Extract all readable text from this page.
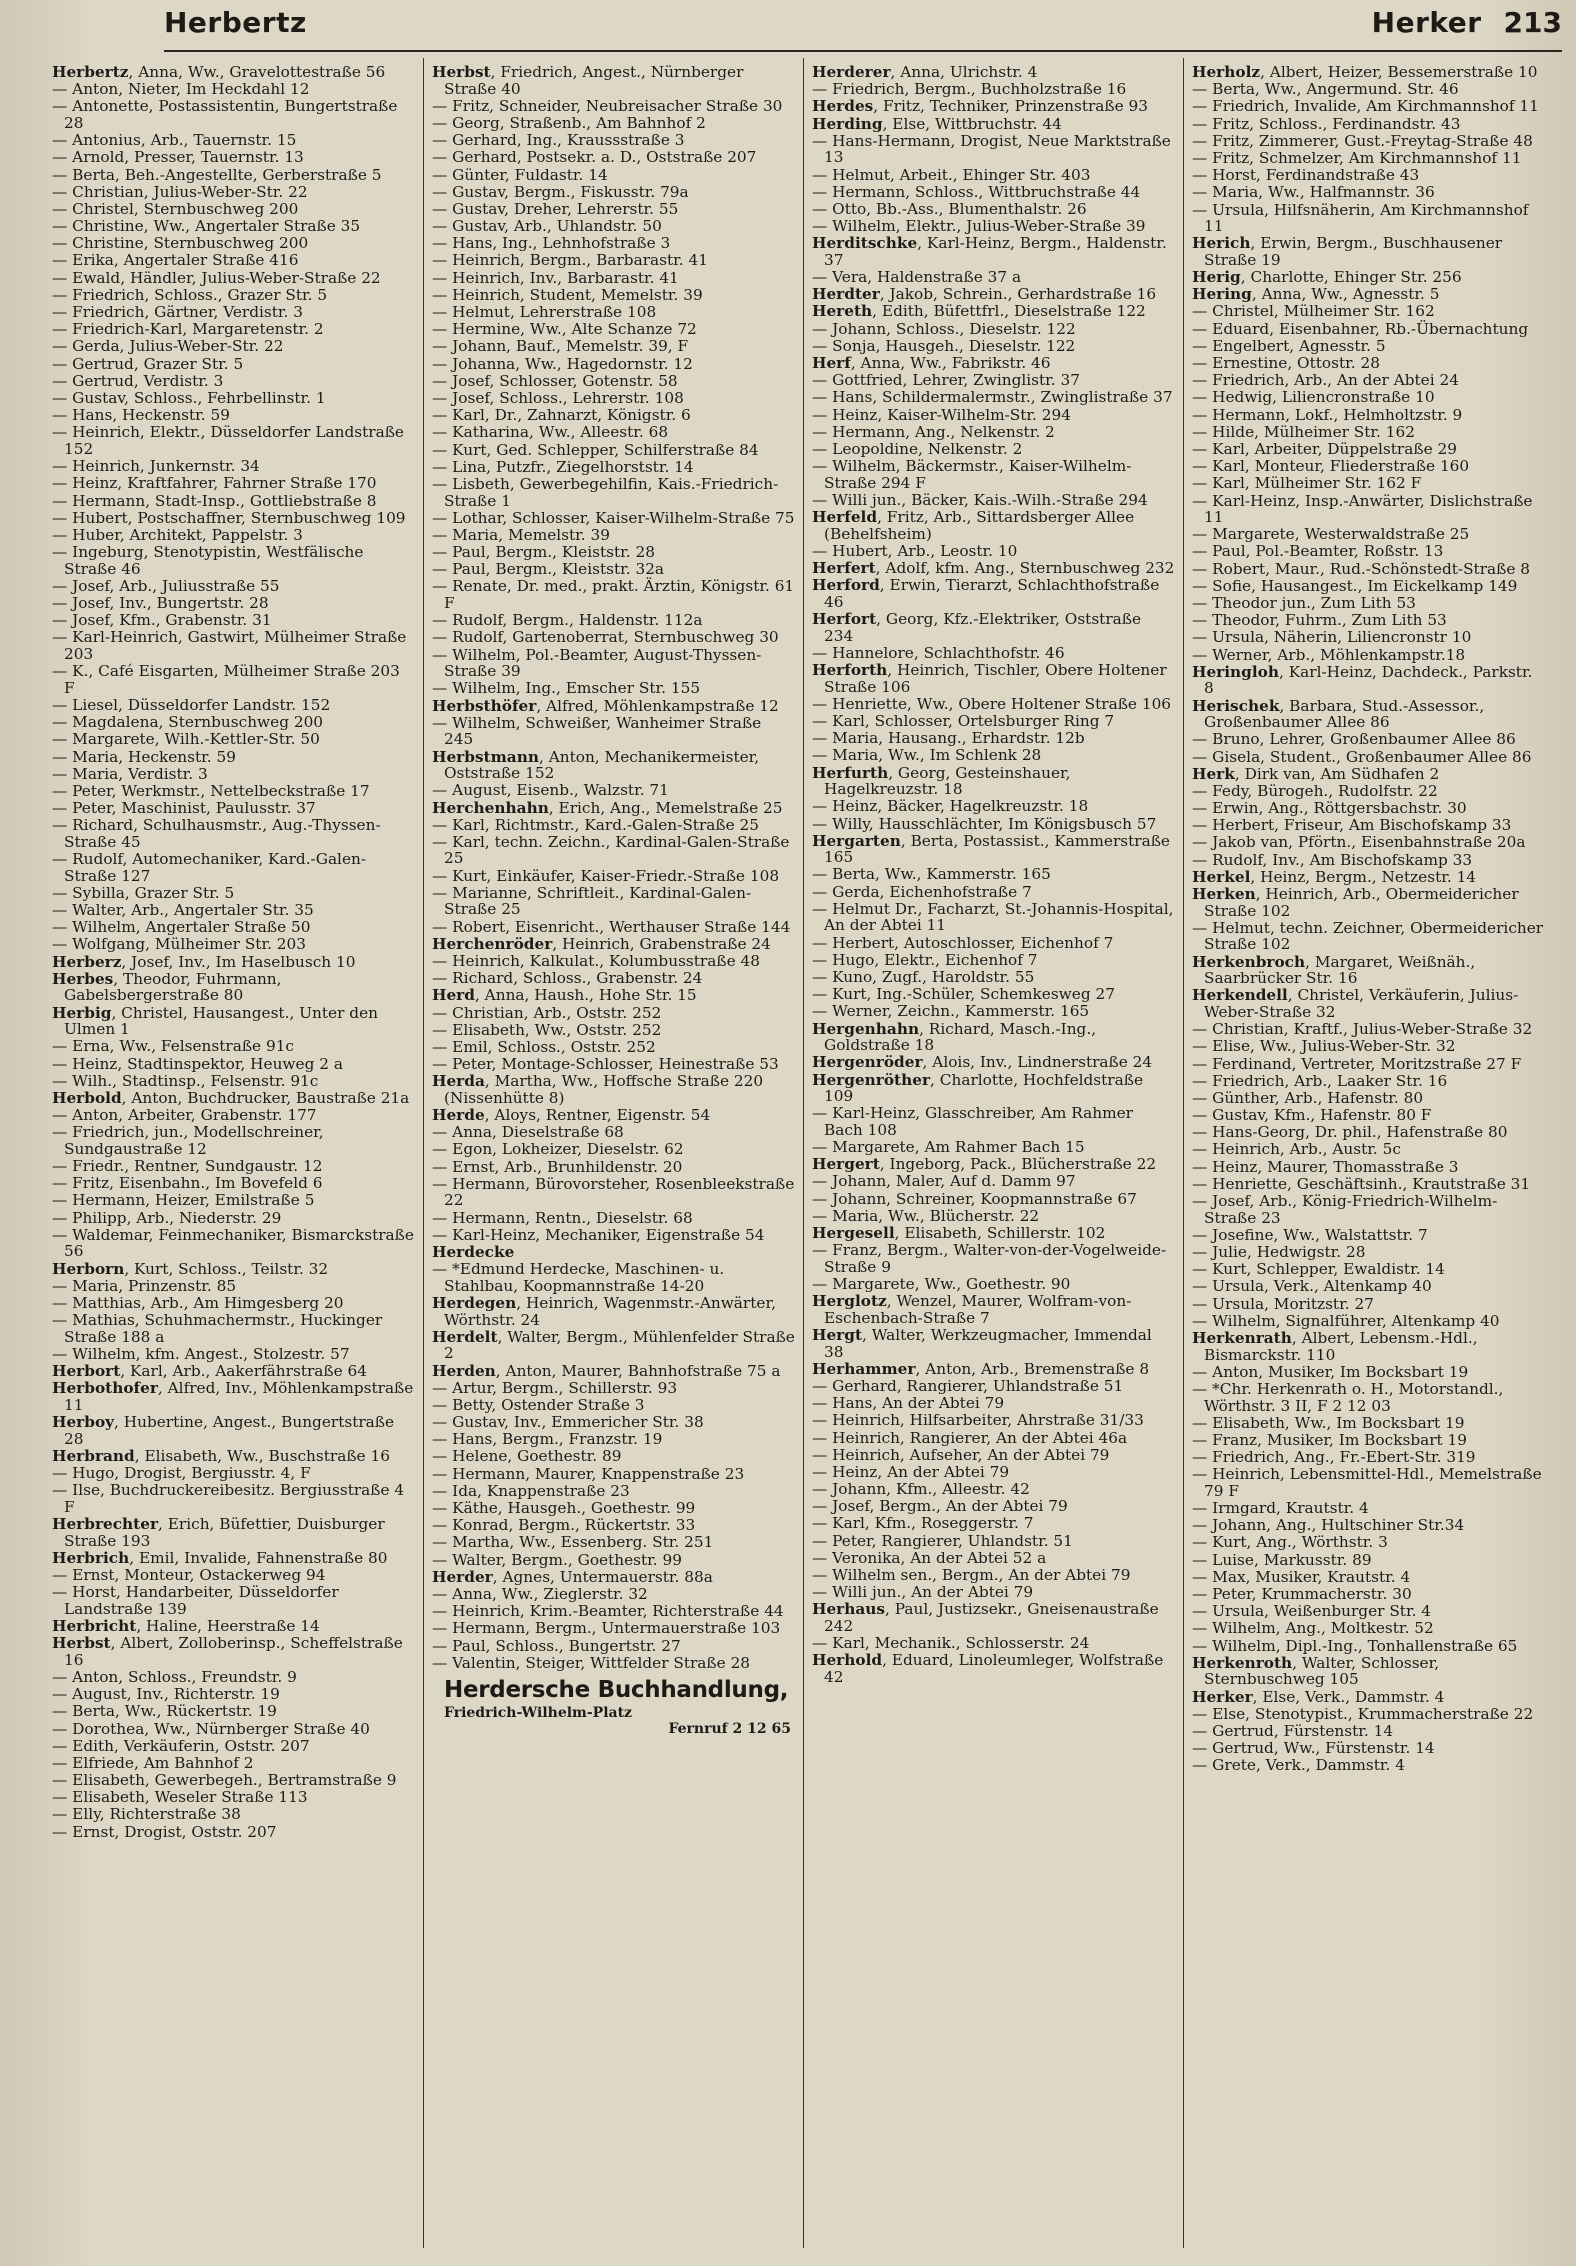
Herbertz	Herker 213
Herbertz, Anna, Ww., Gravelottestraße 56
— Anton, Nieter, Im Heckdahl 12
— Antonette, Postassistentin, Bungertstraße 28
— Antonius, Arb., Tauernstr. 15
— Arnold, Presser, Tauernstr. 13
— Berta, Beh.-Angestellte, Gerberstraße 5
— Christian, Julius-Weber-Str. 22
— Christel, Sternbuschweg 200
— Christine, Ww., Angertaler Straße 35
— Christine, Sternbuschweg 200
— Erika, Angertaler Straße 416
— Ewald, Händler, Julius-Weber-Straße 22
— Friedrich, Schloss., Grazer Str. 5
— Friedrich, Gärtner, Verdistr. 3
— Friedrich-Karl, Margaretenstr. 2
— Gerda, Julius-Weber-Str. 22
— Gertrud, Grazer Str. 5
— Gertrud, Verdistr. 3
— Gustav, Schloss., Fehrbellinstr. 1
— Hans, Heckenstr. 59
— Heinrich, Elektr., Düsseldorfer Landstraße 152
— Heinrich, Junkernstr. 34
— Heinz, Kraftfahrer, Fahrner Straße 170
— Hermann, Stadt-Insp., Gottliebstraße 8
— Hubert, Postschaffner, Sternbuschweg 109
— Huber, Architekt, Pappelstr. 3
— Ingeburg, Stenotypistin, Westfälische Straße 46
— Josef, Arb., Juliusstraße 55
— Josef, Inv., Bungertstr. 28
— Josef, Kfm., Grabenstr. 31
— Karl-Heinrich, Gastwirt, Mülheimer Straße 203
— K., Café Eisgarten, Mülheimer Straße 203 F
— Liesel, Düsseldorfer Landstr. 152
— Magdalena, Sternbuschweg 200
— Margarete, Wilh.-Kettler-Str. 50
— Maria, Heckenstr. 59
— Maria, Verdistr. 3
— Peter, Werkmstr., Nettelbeckstraße 17
— Peter, Maschinist, Paulusstr. 37
— Richard, Schulhausmstr., Aug.-Thyssen-Straße 45
— Rudolf, Automechaniker, Kard.-Galen-Straße 127
— Sybilla, Grazer Str. 5
— Walter, Arb., Angertaler Str. 35
— Wilhelm, Angertaler Straße 50
— Wolfgang, Mülheimer Str. 203
Herberz, Josef, Inv., Im Haselbusch 10
Herbes, Theodor, Fuhrmann, Gabelsbergerstraße 80
Herbig, Christel, Hausangest., Unter den Ulmen 1
— Erna, Ww., Felsenstraße 91c
— Heinz, Stadtinspektor, Heuweg 2 a
— Wilh., Stadtinsp., Felsenstr. 91c
Herbold, Anton, Buchdrucker, Baustraße 21a
— Anton, Arbeiter, Grabenstr. 177
— Friedrich, jun., Modellschreiner, Sundgaustraße 12
— Friedr., Rentner, Sundgaustr. 12
— Fritz, Eisenbahn., Im Bovefeld 6
— Hermann, Heizer, Emilstraße 5
— Philipp, Arb., Niederstr. 29
— Waldemar, Feinmechaniker, Bismarckstraße 56
Herborn, Kurt, Schloss., Teilstr. 32
— Maria, Prinzenstr. 85
— Matthias, Arb., Am Himgesberg 20
— Mathias, Schuhmachermstr., Huckinger Straße 188 a
— Wilhelm, kfm. Angest., Stolzestr. 57
Herbort, Karl, Arb., Aakerfährstraße 64
Herbothofer, Alfred, Inv., Möhlenkampstraße 11
Herboy, Hubertine, Angest., Bungertstraße 28
Herbrand, Elisabeth, Ww., Buschstraße 16
— Hugo, Drogist, Bergiusstr. 4, F
— Ilse, Buchdruckereibesitz. Bergiusstraße 4 F
Herbrechter, Erich, Büfettier, Duisburger Straße 193
Herbrich, Emil, Invalide, Fahnenstraße 80
— Ernst, Monteur, Ostackerweg 94
— Horst, Handarbeiter, Düsseldorfer Landstraße 139
Herbricht, Haline, Heerstraße 14
Herbst, Albert, Zolloberinsp., Scheffelstraße 16
— Anton, Schloss., Freundstr. 9
— August, Inv., Richterstr. 19
— Berta, Ww., Rückertstr. 19
— Dorothea, Ww., Nürnberger Straße 40
— Edith, Verkäuferin, Oststr. 207
— Elfriede, Am Bahnhof 2
— Elisabeth, Gewerbegeh., Bertramstraße 9
— Elisabeth, Weseler Straße 113
— Elly, Richterstraße 38
— Ernst, Drogist, Oststr. 207
Herbst, Friedrich, Angest., Nürnberger Straße 40
— Fritz, Schneider, Neubreisacher Straße 30
— Georg, Straßenb., Am Bahnhof 2
— Gerhard, Ing., Kraussstraße 3
— Gerhard, Postsekr. a. D., Oststraße 207
— Günter, Fuldastr. 14
— Gustav, Bergm., Fiskusstr. 79a
— Gustav, Dreher, Lehrerstr. 55
— Gustav, Arb., Uhlandstr. 50
— Hans, Ing., Lehnhofstraße 3
— Heinrich, Bergm., Barbarastr. 41
— Heinrich, Inv., Barbarastr. 41
— Heinrich, Student, Memelstr. 39
— Helmut, Lehrerstraße 108
— Hermine, Ww., Alte Schanze 72
— Johann, Bauf., Memelstr. 39, F
— Johanna, Ww., Hagedornstr. 12
— Josef, Schlosser, Gotenstr. 58
— Josef, Schloss., Lehrerstr. 108
— Karl, Dr., Zahnarzt, Königstr. 6
— Katharina, Ww., Alleestr. 68
— Kurt, Ged. Schlepper, Schilferstraße 84
— Lina, Putzfr., Ziegelhorststr. 14
— Lisbeth, Gewerbegehilfin, Kais.-Friedrich-Straße 1
— Lothar, Schlosser, Kaiser-Wilhelm-Straße 75
— Maria, Memelstr. 39
— Paul, Bergm., Kleiststr. 28
— Paul, Bergm., Kleiststr. 32a
— Renate, Dr. med., prakt. Ärztin, Königstr. 61 F
— Rudolf, Bergm., Haldenstr. 112a
— Rudolf, Gartenoberrat, Sternbuschweg 30
— Wilhelm, Pol.-Beamter, August-Thyssen-Straße 39
— Wilhelm, Ing., Emscher Str. 155
Herbsthöfer, Alfred, Möhlenkampstraße 12
— Wilhelm, Schweißer, Wanheimer Straße 245
Herbstmann, Anton, Mechanikermeister, Oststraße 152
— August, Eisenb., Walzstr. 71
Herchenhahn, Erich, Ang., Memelstraße 25
— Karl, Richtmstr., Kard.-Galen-Straße 25
— Karl, techn. Zeichn., Kardinal-Galen-Straße 25
— Kurt, Einkäufer, Kaiser-Friedr.-Straße 108
— Marianne, Schriftleit., Kardinal-Galen-Straße 25
— Robert, Eisenricht., Werthauser Straße 144
Herchenröder, Heinrich, Grabenstraße 24
— Heinrich, Kalkulat., Kolumbusstraße 48
— Richard, Schloss., Grabenstr. 24
Herd, Anna, Haush., Hohe Str. 15
— Christian, Arb., Oststr. 252
— Elisabeth, Ww., Oststr. 252
— Emil, Schloss., Oststr. 252
— Peter, Montage-Schlosser, Heinestraße 53
Herda, Martha, Ww., Hoffsche Straße 220 (Nissenhütte 8)
Herde, Aloys, Rentner, Eigenstr. 54
— Anna, Dieselstraße 68
— Egon, Lokheizer, Dieselstr. 62
— Ernst, Arb., Brunhildenstr. 20
— Hermann, Bürovorsteher, Rosenbleekstraße 22
— Hermann, Rentn., Dieselstr. 68
— Karl-Heinz, Mechaniker, Eigenstraße 54
Herdecke
— *Edmund Herdecke, Maschinen- u. Stahlbau, Koopmannstraße 14-20
Herdegen, Heinrich, Wagenmstr.-Anwärter, Wörthstr. 24
Herdelt, Walter, Bergm., Mühlenfelder Straße 2
Herden, Anton, Maurer, Bahnhofstraße 75 a
— Artur, Bergm., Schillerstr. 93
— Betty, Ostender Straße 3
— Gustav, Inv., Emmericher Str. 38
— Hans, Bergm., Franzstr. 19
— Helene, Goethestr. 89
— Hermann, Maurer, Knappenstraße 23
— Ida, Knappenstraße 23
— Käthe, Hausgeh., Goethestr. 99
— Konrad, Bergm., Rückertstr. 33
— Martha, Ww., Essenberg. Str. 251
— Walter, Bergm., Goethestr. 99
Herder, Agnes, Untermauerstr. 88a
— Anna, Ww., Zieglerstr. 32
— Heinrich, Krim.-Beamter, Richterstraße 44
— Hermann, Bergm., Untermauerstraße 103
— Paul, Schloss., Bungertstr. 27
— Valentin, Steiger, Wittfelder Straße 28
Herdersche Buchhandlung,
Friedrich-Wilhelm-Platz
Fernruf 2 12 65
Herderer, Anna, Ulrichstr. 4
— Friedrich, Bergm., Buchholzstraße 16
Herdes, Fritz, Techniker, Prinzenstraße 93
Herding, Else, Wittbruchstr. 44
— Hans-Hermann, Drogist, Neue Marktstraße 13
— Helmut, Arbeit., Ehinger Str. 403
— Hermann, Schloss., Wittbruchstraße 44
— Otto, Bb.-Ass., Blumenthalstr. 26
— Wilhelm, Elektr., Julius-Weber-Straße 39
Herditschke, Karl-Heinz, Bergm., Haldenstr. 37
— Vera, Haldenstraße 37 a
Herdter, Jakob, Schrein., Gerhardstraße 16
Hereth, Edith, Büfettfrl., Dieselstraße 122
— Johann, Schloss., Dieselstr. 122
— Sonja, Hausgeh., Dieselstr. 122
Herf, Anna, Ww., Fabrikstr. 46
— Gottfried, Lehrer, Zwinglistr. 37
— Hans, Schildermalermstr., Zwinglistraße 37
— Heinz, Kaiser-Wilhelm-Str. 294
— Hermann, Ang., Nelkenstr. 2
— Leopoldine, Nelkenstr. 2
— Wilhelm, Bäckermstr., Kaiser-Wilhelm-Straße 294 F
— Willi jun., Bäcker, Kais.-Wilh.-Straße 294
Herfeld, Fritz, Arb., Sittardsberger Allee (Behelfsheim)
— Hubert, Arb., Leostr. 10
Herfert, Adolf, kfm. Ang., Sternbuschweg 232
Herford, Erwin, Tierarzt, Schlachthofstraße 46
Herfort, Georg, Kfz.-Elektriker, Oststraße 234
— Hannelore, Schlachthofstr. 46
Herforth, Heinrich, Tischler, Obere Holtener Straße 106
— Henriette, Ww., Obere Holtener Straße 106
— Karl, Schlosser, Ortelsburger Ring 7
— Maria, Hausang., Erhardstr. 12b
— Maria, Ww., Im Schlenk 28
Herfurth, Georg, Gesteinshauer, Hagelkreuzstr. 18
— Heinz, Bäcker, Hagelkreuzstr. 18
— Willy, Hausschlächter, Im Königsbusch 57
Hergarten, Berta, Postassist., Kammerstraße 165
— Berta, Ww., Kammerstr. 165
— Gerda, Eichenhofstraße 7
— Helmut Dr., Facharzt, St.-Johannis-Hospital, An der Abtei 11
— Herbert, Autoschlosser, Eichenhof 7
— Hugo, Elektr., Eichenhof 7
— Kuno, Zugf., Haroldstr. 55
— Kurt, Ing.-Schüler, Schemkesweg 27
— Werner, Zeichn., Kammerstr. 165
Hergenhahn, Richard, Masch.-Ing., Goldstraße 18
Hergenröder, Alois, Inv., Lindnerstraße 24
Hergenröther, Charlotte, Hochfeldstraße 109
— Karl-Heinz, Glasschreiber, Am Rahmer Bach 108
— Margarete, Am Rahmer Bach 15
Hergert, Ingeborg, Pack., Blücherstraße 22
— Johann, Maler, Auf d. Damm 97
— Johann, Schreiner, Koopmannstraße 67
— Maria, Ww., Blücherstr. 22
Hergesell, Elisabeth, Schillerstr. 102
— Franz, Bergm., Walter-von-der-Vogelweide-Straße 9
— Margarete, Ww., Goethestr. 90
Herglotz, Wenzel, Maurer, Wolfram-von-Eschenbach-Straße 7
Hergt, Walter, Werkzeugmacher, Immendal 38
Herhammer, Anton, Arb., Bremenstraße 8
— Gerhard, Rangierer, Uhlandstraße 51
— Hans, An der Abtei 79
— Heinrich, Hilfsarbeiter, Ahrstraße 31/33
— Heinrich, Rangierer, An der Abtei 46a
— Heinrich, Aufseher, An der Abtei 79
— Heinz, An der Abtei 79
— Johann, Kfm., Alleestr. 42
— Josef, Bergm., An der Abtei 79
— Karl, Kfm., Roseggerstr. 7
— Peter, Rangierer, Uhlandstr. 51
— Veronika, An der Abtei 52 a
— Wilhelm sen., Bergm., An der Abtei 79
— Willi jun., An der Abtei 79
Herhaus, Paul, Justizsekr., Gneisenaustraße 242
— Karl, Mechanik., Schlosserstr. 24
Herhold, Eduard, Linoleumleger, Wolfstraße 42
Herholz, Albert, Heizer, Bessemerstraße 10
— Berta, Ww., Angermund. Str. 46
— Friedrich, Invalide, Am Kirchmannshof 11
— Fritz, Schloss., Ferdinandstr. 43
— Fritz, Zimmerer, Gust.-Freytag-Straße 48
— Fritz, Schmelzer, Am Kirchmannshof 11
— Horst, Ferdinandstraße 43
— Maria, Ww., Halfmannstr. 36
— Ursula, Hilfsnäherin, Am Kirchmannshof 11
Herich, Erwin, Bergm., Buschhausener Straße 19
Herig, Charlotte, Ehinger Str. 256
Hering, Anna, Ww., Agnesstr. 5
— Christel, Mülheimer Str. 162
— Eduard, Eisenbahner, Rb.-Übernachtung
— Engelbert, Agnesstr. 5
— Ernestine, Ottostr. 28
— Friedrich, Arb., An der Abtei 24
— Hedwig, Liliencronstraße 10
— Hermann, Lokf., Helmholtzstr. 9
— Hilde, Mülheimer Str. 162
— Karl, Arbeiter, Düppelstraße 29
— Karl, Monteur, Fliederstraße 160
— Karl, Mülheimer Str. 162 F
— Karl-Heinz, Insp.-Anwärter, Dislichstraße 11
— Margarete, Westerwaldstraße 25
— Paul, Pol.-Beamter, Roßstr. 13
— Robert, Maur., Rud.-Schönstedt-Straße 8
— Sofie, Hausangest., Im Eickelkamp 149
— Theodor jun., Zum Lith 53
— Theodor, Fuhrm., Zum Lith 53
— Ursula, Näherin, Liliencronstr 10
— Werner, Arb., Möhlenkampstr.18
Heringloh, Karl-Heinz, Dachdeck., Parkstr. 8
Herischek, Barbara, Stud.-Assessor., Großenbaumer Allee 86
— Bruno, Lehrer, Großenbaumer Allee 86
— Gisela, Student., Großenbaumer Allee 86
Herk, Dirk van, Am Südhafen 2
— Fedy, Bürogeh., Rudolfstr. 22
— Erwin, Ang., Röttgersbachstr. 30
— Herbert, Friseur, Am Bischofskamp 33
— Jakob van, Pförtn., Eisenbahnstraße 20a
— Rudolf, Inv., Am Bischofskamp 33
Herkel, Heinz, Bergm., Netzestr. 14
Herken, Heinrich, Arb., Obermeidericher Straße 102
— Helmut, techn. Zeichner, Obermeidericher Straße 102
Herkenbroch, Margaret, Weißnäh., Saarbrücker Str. 16
Herkendell, Christel, Verkäuferin, Julius-Weber-Straße 32
— Christian, Kraftf., Julius-Weber-Straße 32
— Elise, Ww., Julius-Weber-Str. 32
— Ferdinand, Vertreter, Moritzstraße 27 F
— Friedrich, Arb., Laaker Str. 16
— Günther, Arb., Hafenstr. 80
— Gustav, Kfm., Hafenstr. 80 F
— Hans-Georg, Dr. phil., Hafenstraße 80
— Heinrich, Arb., Austr. 5c
— Heinz, Maurer, Thomasstraße 3
— Henriette, Geschäftsinh., Krautstraße 31
— Josef, Arb., König-Friedrich-Wilhelm-Straße 23
— Josefine, Ww., Walstattstr. 7
— Julie, Hedwigstr. 28
— Kurt, Schlepper, Ewaldistr. 14
— Ursula, Verk., Altenkamp 40
— Ursula, Moritzstr. 27
— Wilhelm, Signalführer, Altenkamp 40
Herkenrath, Albert, Lebensm.-Hdl., Bismarckstr. 110
— Anton, Musiker, Im Bocksbart 19
— *Chr. Herkenrath o. H., Motorstandl., Wörthstr. 3 II, F 2 12 03
— Elisabeth, Ww., Im Bocksbart 19
— Franz, Musiker, Im Bocksbart 19
— Friedrich, Ang., Fr.-Ebert-Str. 319
— Heinrich, Lebensmittel-Hdl., Memelstraße 79 F
— Irmgard, Krautstr. 4
— Johann, Ang., Hultschiner Str.34
— Kurt, Ang., Wörthstr. 3
— Luise, Markusstr. 89
— Max, Musiker, Krautstr. 4
— Peter, Krummacherstr. 30
— Ursula, Weißenburger Str. 4
— Wilhelm, Ang., Moltkestr. 52
— Wilhelm, Dipl.-Ing., Tonhallenstraße 65
Herkenroth, Walter, Schlosser, Sternbuschweg 105
Herker, Else, Verk., Dammstr. 4
— Else, Stenotypist., Krummacherstraße 22
— Gertrud, Fürstenstr. 14
— Gertrud, Ww., Fürstenstr. 14
— Grete, Verk., Dammstr. 4
